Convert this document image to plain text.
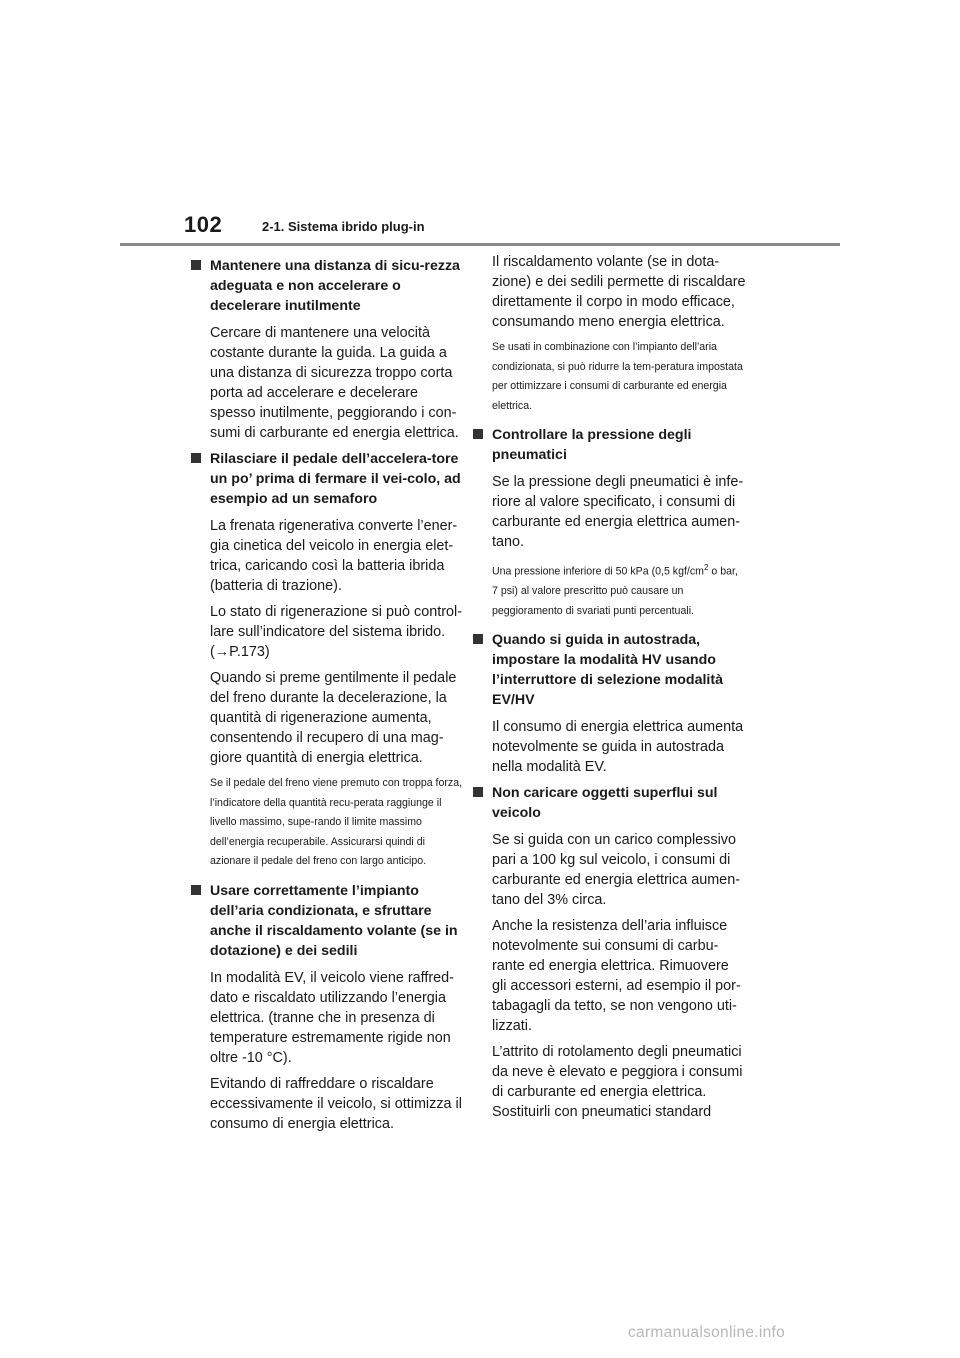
102	2-1. Sistema ibrido plug-in
Mantenere una distanza di sicu-rezza adeguata e non accelerare o decelerare inutilmente

Cercare di mantenere una velocità costante durante la guida. La guida a una distanza di sicurezza troppo corta porta ad accelerare e decelerare spesso inutilmente, peggiorando i con-sumi di carburante ed energia elettrica.

Rilasciare il pedale dell’accelera-tore un po’ prima di fermare il vei-colo, ad esempio ad un semaforo

La frenata rigenerativa converte l’ener-gia cinetica del veicolo in energia elet-trica, caricando così la batteria ibrida (batteria di trazione).

Lo stato di rigenerazione si può control-lare sull’indicatore del sistema ibrido. (→P.173)

Quando si preme gentilmente il pedale del freno durante la decelerazione, la quantità di rigenerazione aumenta, consentendo il recupero di una mag-giore quantità di energia elettrica.

Se il pedale del freno viene premuto con troppa forza, l’indicatore della quantità recu-perata raggiunge il livello massimo, supe-rando il limite massimo dell’energia recuperabile. Assicurarsi quindi di azionare il pedale del freno con largo anticipo.

Usare correttamente l’impianto dell’aria condizionata, e sfruttare anche il riscaldamento volante (se in dotazione) e dei sedili

In modalità EV, il veicolo viene raffred-dato e riscaldato utilizzando l’energia elettrica. (tranne che in presenza di temperature estremamente rigide non oltre -10 °C).

Evitando di raffreddare o riscaldare eccessivamente il veicolo, si ottimizza il consumo di energia elettrica.

Il riscaldamento volante (se in dota-zione) e dei sedili permette di riscaldare direttamente il corpo in modo efficace, consumando meno energia elettrica.

Se usati in combinazione con l’impianto dell’aria condizionata, si può ridurre la tem-peratura impostata per ottimizzare i consumi di carburante ed energia elettrica.

Controllare la pressione degli pneumatici

Se la pressione degli pneumatici è infe-riore al valore specificato, i consumi di carburante ed energia elettrica aumen-tano.

Una pressione inferiore di 50 kPa (0,5 kgf/$cm^2$ o bar, 7 psi) al valore prescritto può causare un peggioramento di svariati punti percentuali.

Quando si guida in autostrada, impostare la modalità HV usando l’interruttore di selezione modalità EV/HV

Il consumo di energia elettrica aumenta notevolmente se guida in autostrada nella modalità EV.

Non caricare oggetti superflui sul veicolo

Se si guida con un carico complessivo pari a 100 kg sul veicolo, i consumi di carburante ed energia elettrica aumen-tano del 3% circa.

Anche la resistenza dell’aria influisce notevolmente sui consumi di carbu-rante ed energia elettrica. Rimuovere gli accessori esterni, ad esempio il por-tabagagli da tetto, se non vengono uti-lizzati.

L’attrito di rotolamento degli pneumatici da neve è elevato e peggiora i consumi di carburante ed energia elettrica. Sostituirli con pneumatici standard

carmanualsonline.info
